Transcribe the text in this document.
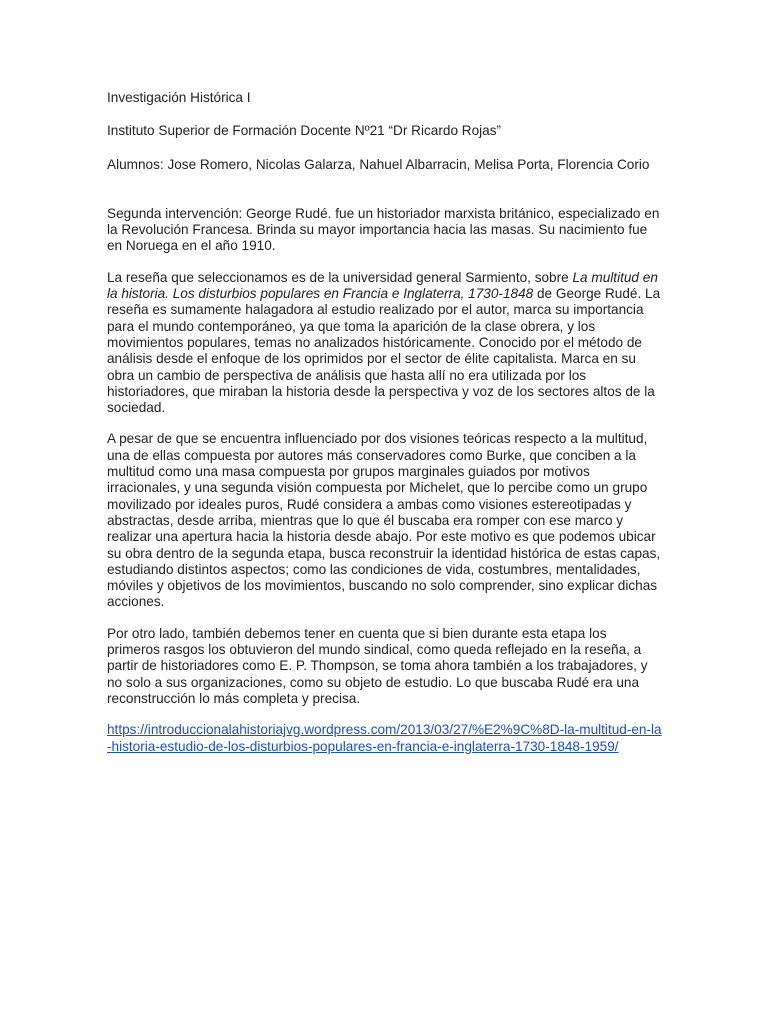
Investigación Histórica I

Instituto Superior de Formación Docente Nº21 “Dr Ricardo Rojas”

Alumnos: Jose Romero, Nicolas Galarza, Nahuel Albarracin, Melisa Porta, Florencia Corio

Segunda intervención: George Rudé. fue un historiador marxista británico, especializado en la Revolución Francesa. Brinda su mayor importancia hacia las masas. Su nacimiento fue en Noruega en el año 1910.

La reseña que seleccionamos es de la universidad general Sarmiento, sobre La multitud en la historia. Los disturbios populares en Francia e Inglaterra, 1730-1848 de George Rudé. La reseña es sumamente halagadora al estudio realizado por el autor, marca su importancia para el mundo contemporáneo, ya que toma la aparición de la clase obrera, y los movimientos populares, temas no analizados históricamente. Conocido por el método de análisis desde el enfoque de los oprimidos por el sector de élite capitalista. Marca en su obra un cambio de perspectiva de análisis que hasta allí no era utilizada por los historiadores, que miraban la historia desde la perspectiva y voz de los sectores altos de la sociedad.

A pesar de que se encuentra influenciado por dos visiones teóricas respecto a la multitud, una de ellas compuesta por autores más conservadores como Burke, que conciben a la multitud como una masa compuesta por grupos marginales guiados por motivos irracionales, y una segunda visión compuesta por Michelet, que lo percibe como un grupo movilizado por ideales puros, Rudé considera a ambas como visiones estereotipadas y abstractas, desde arriba, mientras que lo que él buscaba era romper con ese marco y realizar una apertura hacia la historia desde abajo. Por este motivo es que podemos ubicar su obra dentro de la segunda etapa, busca reconstruir la identidad histórica de estas capas, estudiando distintos aspectos; como las condiciones de vida, costumbres, mentalidades, móviles y objetivos de los movimientos, buscando no solo comprender, sino explicar dichas acciones.

Por otro lado, también debemos tener en cuenta que si bien durante esta etapa los primeros rasgos los obtuvieron del mundo sindical, como queda reflejado en la reseña, a partir de historiadores como E. P. Thompson, se toma ahora también a los trabajadores, y no solo a sus organizaciones, como su objeto de estudio. Lo que buscaba Rudé era una reconstrucción lo más completa y precisa.

https://introduccionalahistoriajvg.wordpress.com/2013/03/27/%E2%9C%8D-la-multitud-en-la-historia-estudio-de-los-disturbios-populares-en-francia-e-inglaterra-1730-1848-1959/
